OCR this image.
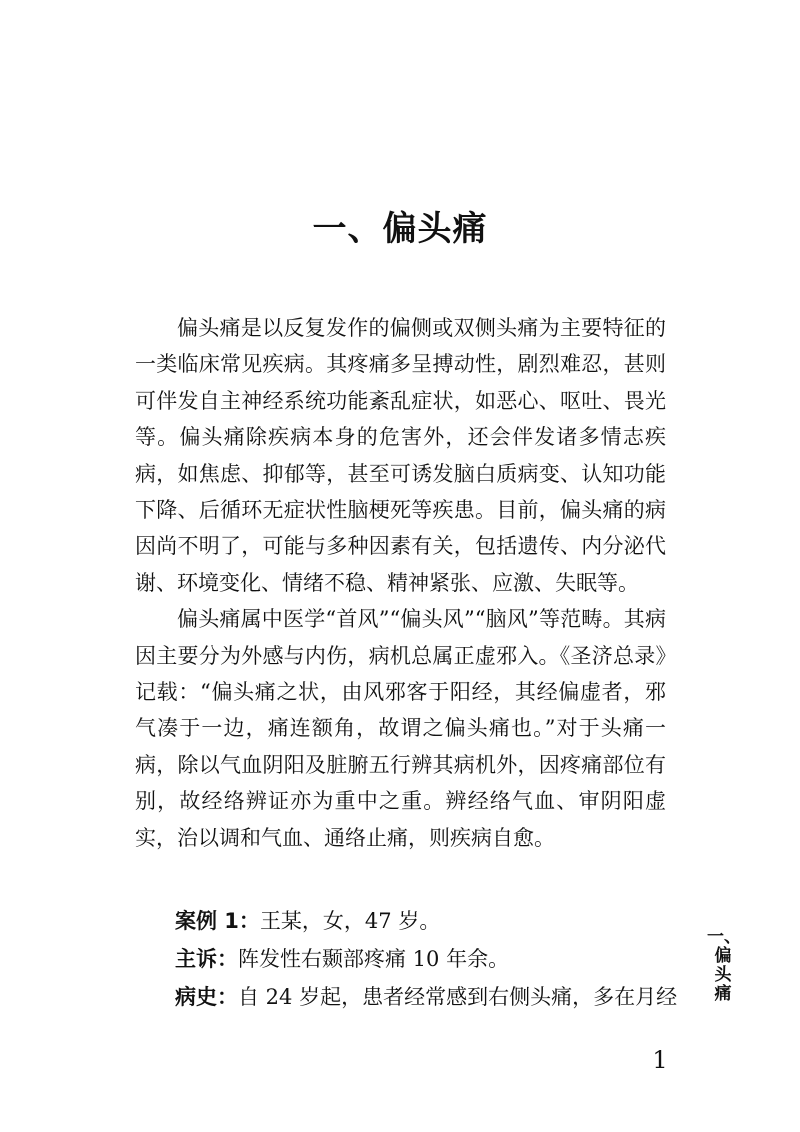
一、偏头痛

偏头痛是以反复发作的偏侧或双侧头痛为主要特征的一类临床常见疾病。其疼痛多呈搏动性，剧烈难忍，甚则可伴发自主神经系统功能紊乱症状，如恶心、呕吐、畏光等。偏头痛除疾病本身的危害外，还会伴发诸多情志疾病，如焦虑、抑郁等，甚至可诱发脑白质病变、认知功能下降、后循环无症状性脑梗死等疾患。目前，偏头痛的病因尚不明了，可能与多种因素有关，包括遗传、内分泌代谢、环境变化、情绪不稳、精神紧张、应激、失眠等。

偏头痛属中医学“首风”“偏头风”“脑风”等范畴。其病因主要分为外感与内伤，病机总属正虚邪入。《圣济总录》记载：“偏头痛之状，由风邪客于阳经，其经偏虚者，邪气凑于一边，痛连额角，故谓之偏头痛也。”对于头痛一病，除以气血阴阳及脏腑五行辨其病机外，因疼痛部位有别，故经络辨证亦为重中之重。辨经络气血、审阴阳虚实，治以调和气血、通络止痛，则疾病自愈。

案例 1：王某，女，47 岁。

主诉：阵发性右颞部疼痛 10 年余。

病史：自 24 岁起，患者经常感到右侧头痛，多在月经

一、偏头痛
1
